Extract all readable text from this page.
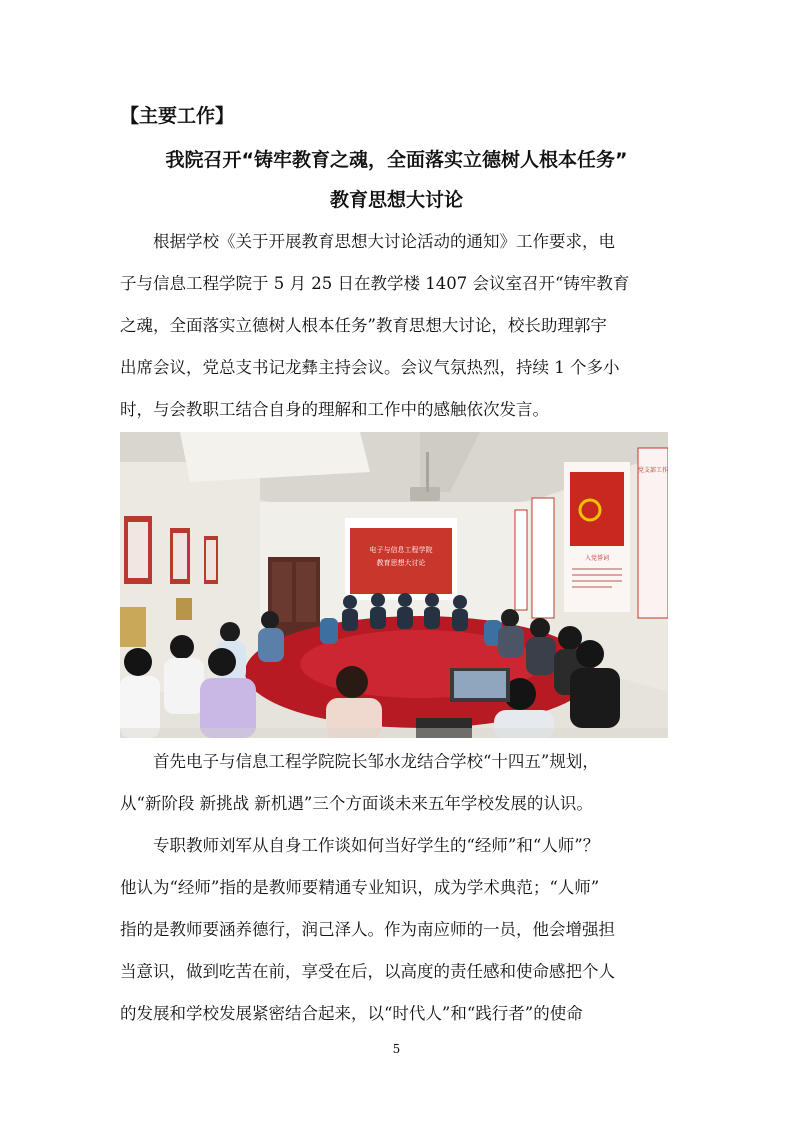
【主要工作】
我院召开“铸牢教育之魂，全面落实立德树人根本任务”
教育思想大讨论
　　根据学校《关于开展教育思想大讨论活动的通知》工作要求，电
子与信息工程学院于 5 月 25 日在教学楼 1407 会议室召开“铸牢教育
之魂，全面落实立德树人根本任务”教育思想大讨论，校长助理郭宇
出席会议，党总支书记龙彝主持会议。会议气氛热烈，持续 1 个多小
时，与会教职工结合自身的理解和工作中的感触依次发言。
电子与信息工程学院
教育思想大讨论
入党誓词
党支部工作
　　首先电子与信息工程学院院长邹水龙结合学校“十四五”规划，
从“新阶段 新挑战 新机遇”三个方面谈未来五年学校发展的认识。
　　专职教师刘军从自身工作谈如何当好学生的“经师”和“人师”？
他认为“经师”指的是教师要精通专业知识，成为学术典范；“人师”
指的是教师要涵养德行，润己泽人。作为南应师的一员，他会增强担
当意识，做到吃苦在前，享受在后，以高度的责任感和使命感把个人
的发展和学校发展紧密结合起来，以“时代人”和“践行者”的使命
5
